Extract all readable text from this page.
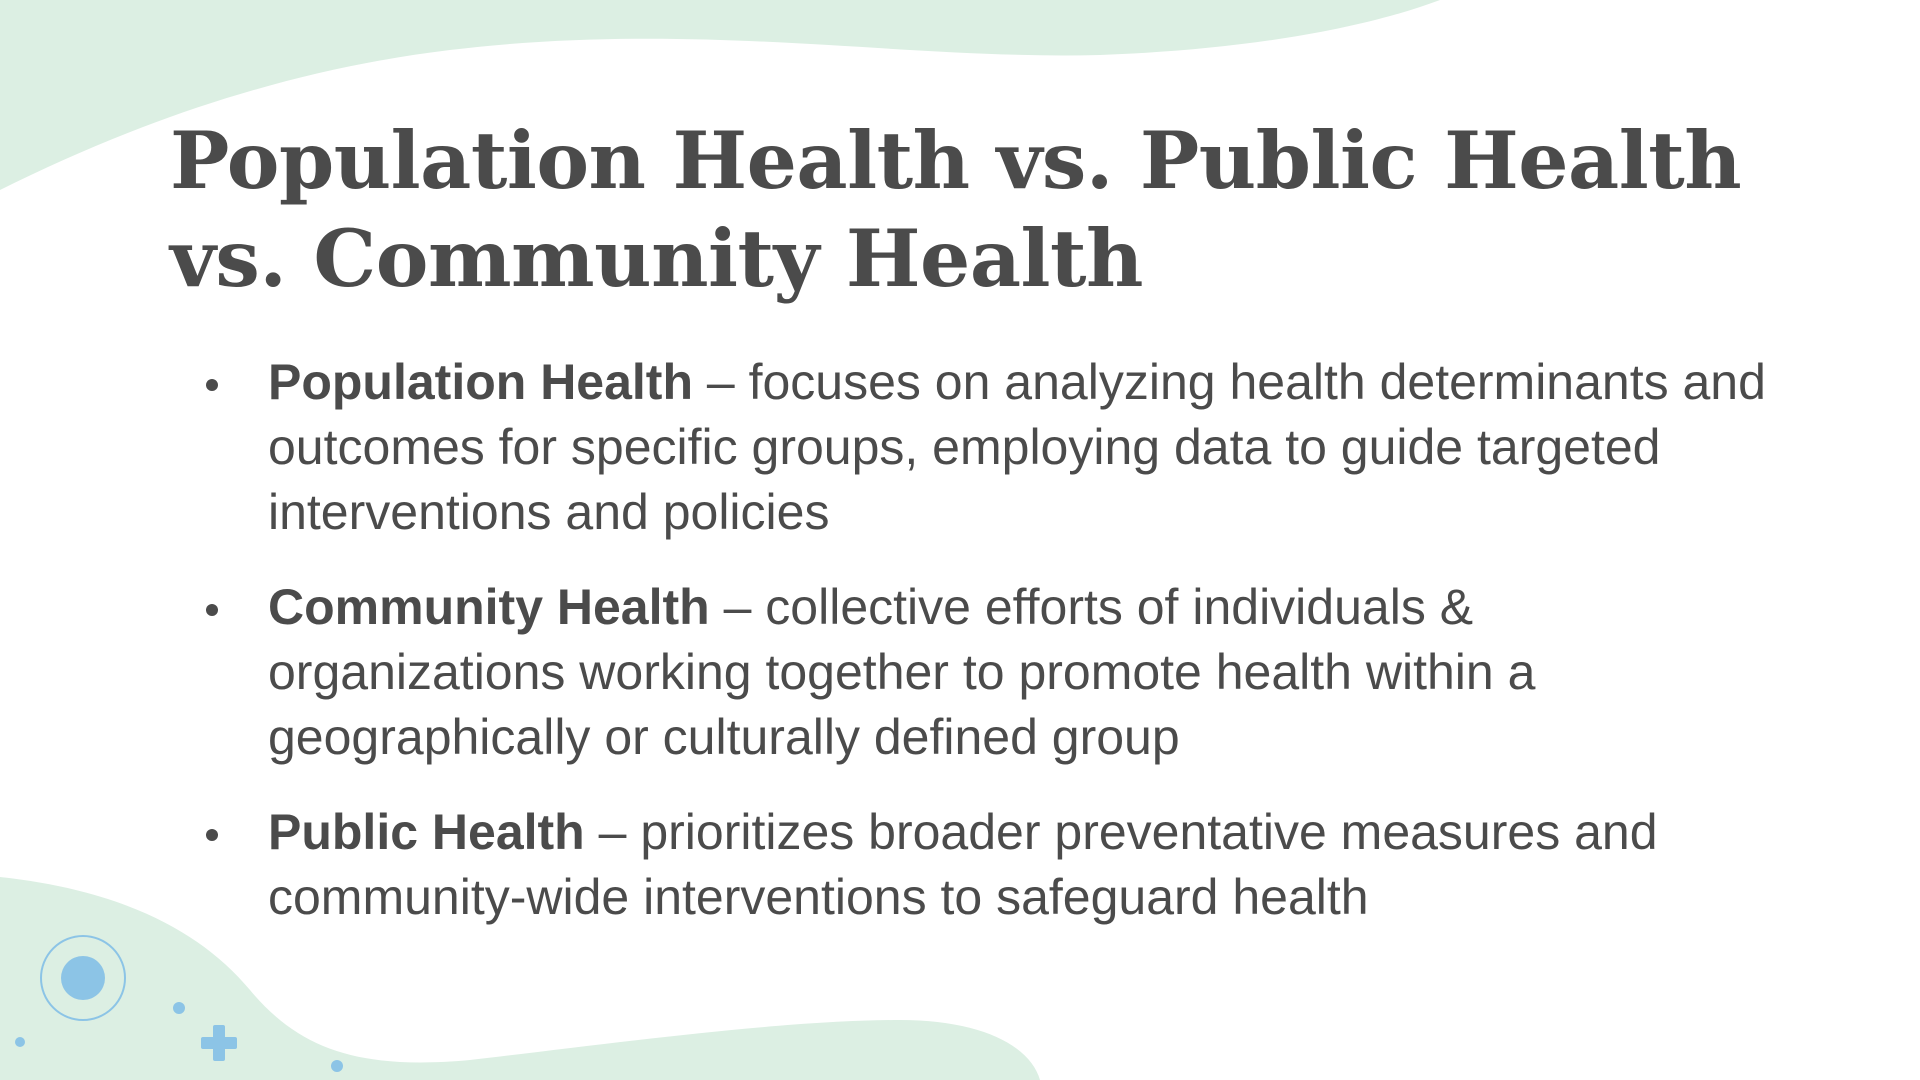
Population Health vs. Public Health
vs. Community Health
Population Health – focuses on analyzing health determinants and outcomes for specific groups, employing data to guide targeted interventions and policies
Community Health – collective efforts of individuals & organizations working together to promote health within a geographically or culturally defined group
Public Health – prioritizes broader preventative measures and community-wide interventions to safeguard health
